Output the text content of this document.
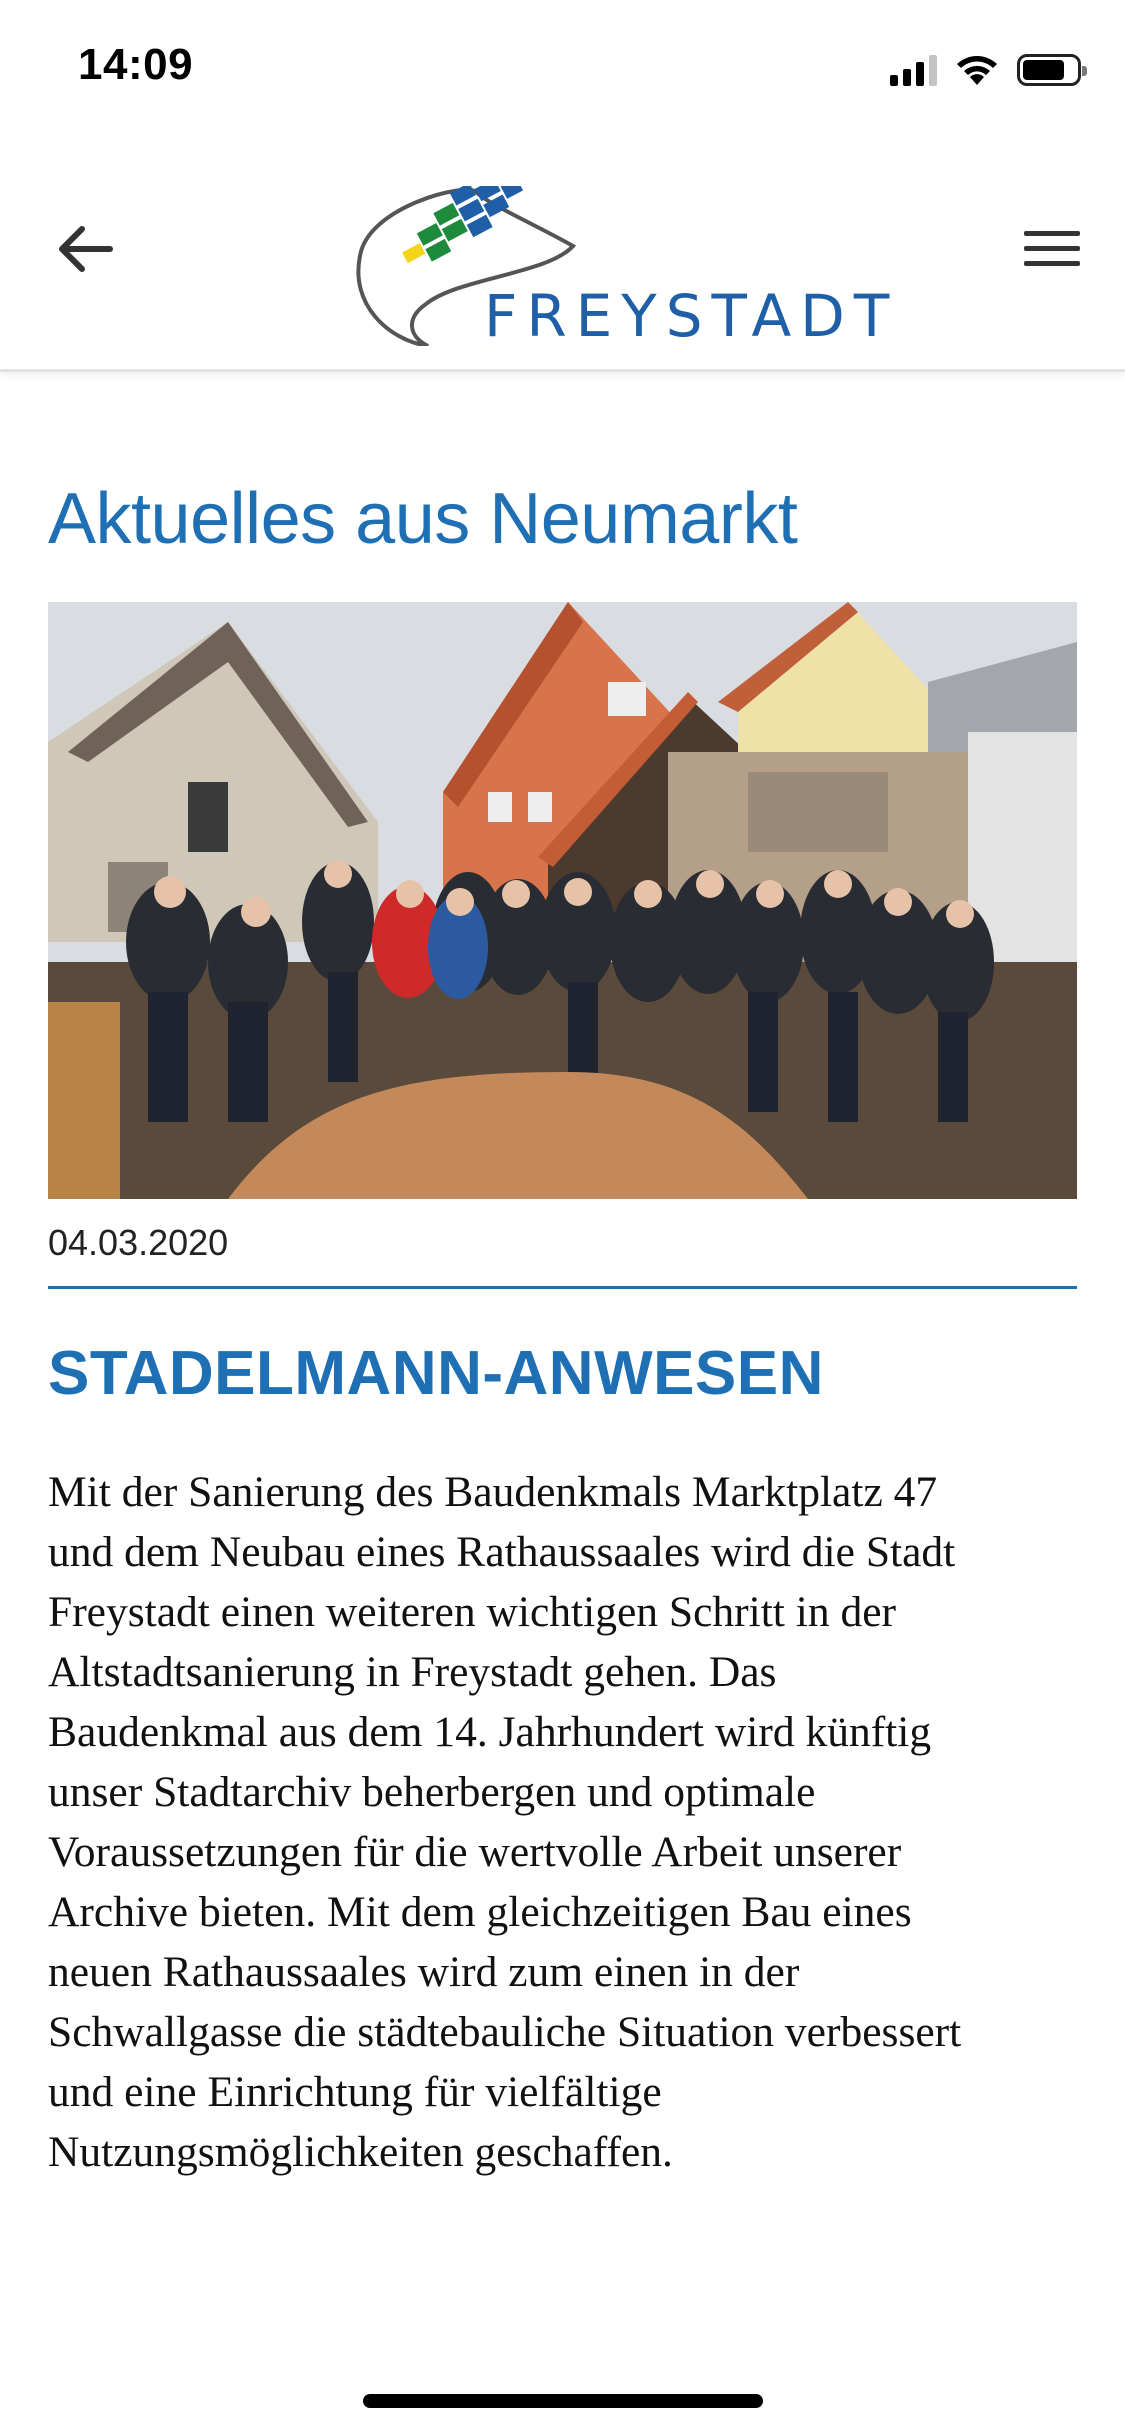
14:09
FREYSTADT
Aktuelles aus Neumarkt
04.03.2020
STADELMANN-ANWESEN
Mit der Sanierung des Baudenkmals Marktplatz 47
und dem Neubau eines Rathaussaales wird die Stadt
Freystadt einen weiteren wichtigen Schritt in der
Altstadtsanierung in Freystadt gehen. Das
Baudenkmal aus dem 14. Jahrhundert wird künftig
unser Stadtarchiv beherbergen und optimale
Voraussetzungen für die wertvolle Arbeit unserer
Archive bieten. Mit dem gleichzeitigen Bau eines
neuen Rathaussaales wird zum einen in der
Schwallgasse die städtebauliche Situation verbessert
und eine Einrichtung für vielfältige
Nutzungsmöglichkeiten geschaffen.
